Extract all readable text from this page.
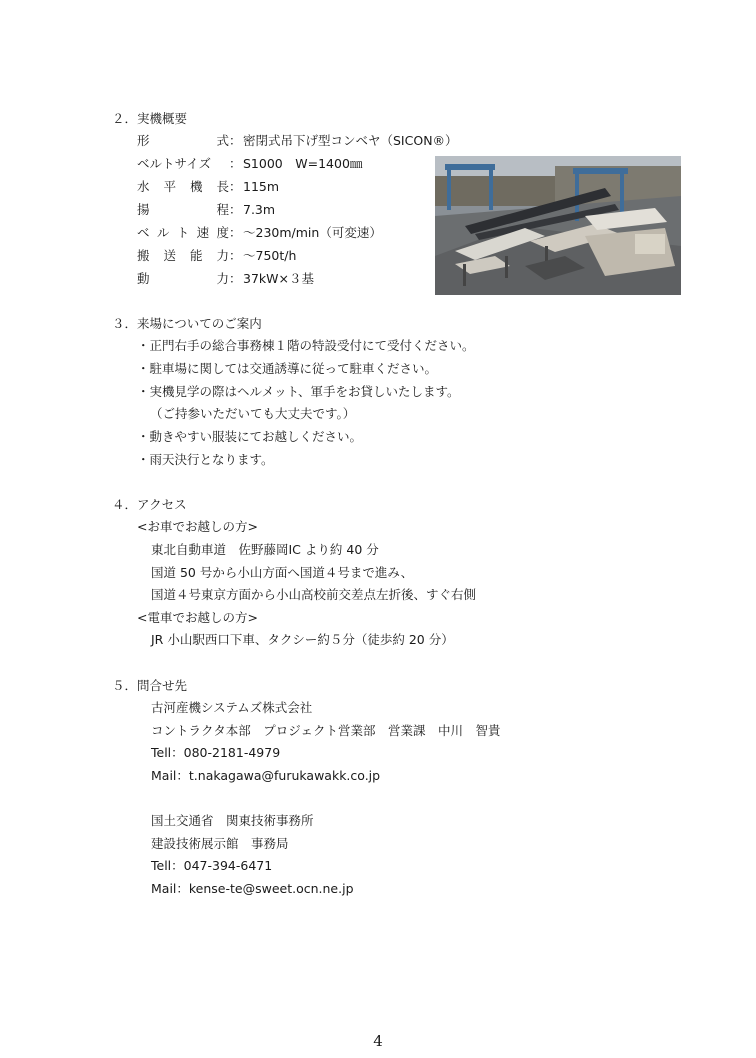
２．実機概要
形	式 ： 密閉式吊下げ型コンベヤ（SICON®）
ベルトサイズ	： S1000　W=1400㎜
水 平 機 長 ： 115m
揚	程 ： 7.3m
ベ ル ト 速 度 ： ～230m/min（可変速）
搬 送 能 力 ： ～750t/h
動	力 ： 37kW×３基
３．来場についてのご案内
・正門右手の総合事務棟１階の特設受付にて受付ください。
・駐車場に関しては交通誘導に従って駐車ください。
・実機見学の際はヘルメット、軍手をお貸しいたします。
（ご持参いただいても大丈夫です。）
・動きやすい服装にてお越しください。
・雨天決行となります。
４．アクセス
<お車でお越しの方>
東北自動車道　佐野藤岡IC より約 40 分
国道 50 号から小山方面へ国道４号まで進み、
国道４号東京方面から小山高校前交差点左折後、すぐ右側
<電車でお越しの方>
JR 小山駅西口下車、タクシー約５分（徒歩約 20 分）
５．問合せ先
古河産機システムズ株式会社
コントラクタ本部　プロジェクト営業部　営業課　中川　智貴
Tell：080-2181-4979
Mail：t.nakagawa@furukawakk.co.jp
国土交通省　関東技術事務所
建設技術展示館　事務局
Tell：047-394-6471
Mail：kense-te@sweet.ocn.ne.jp
4
